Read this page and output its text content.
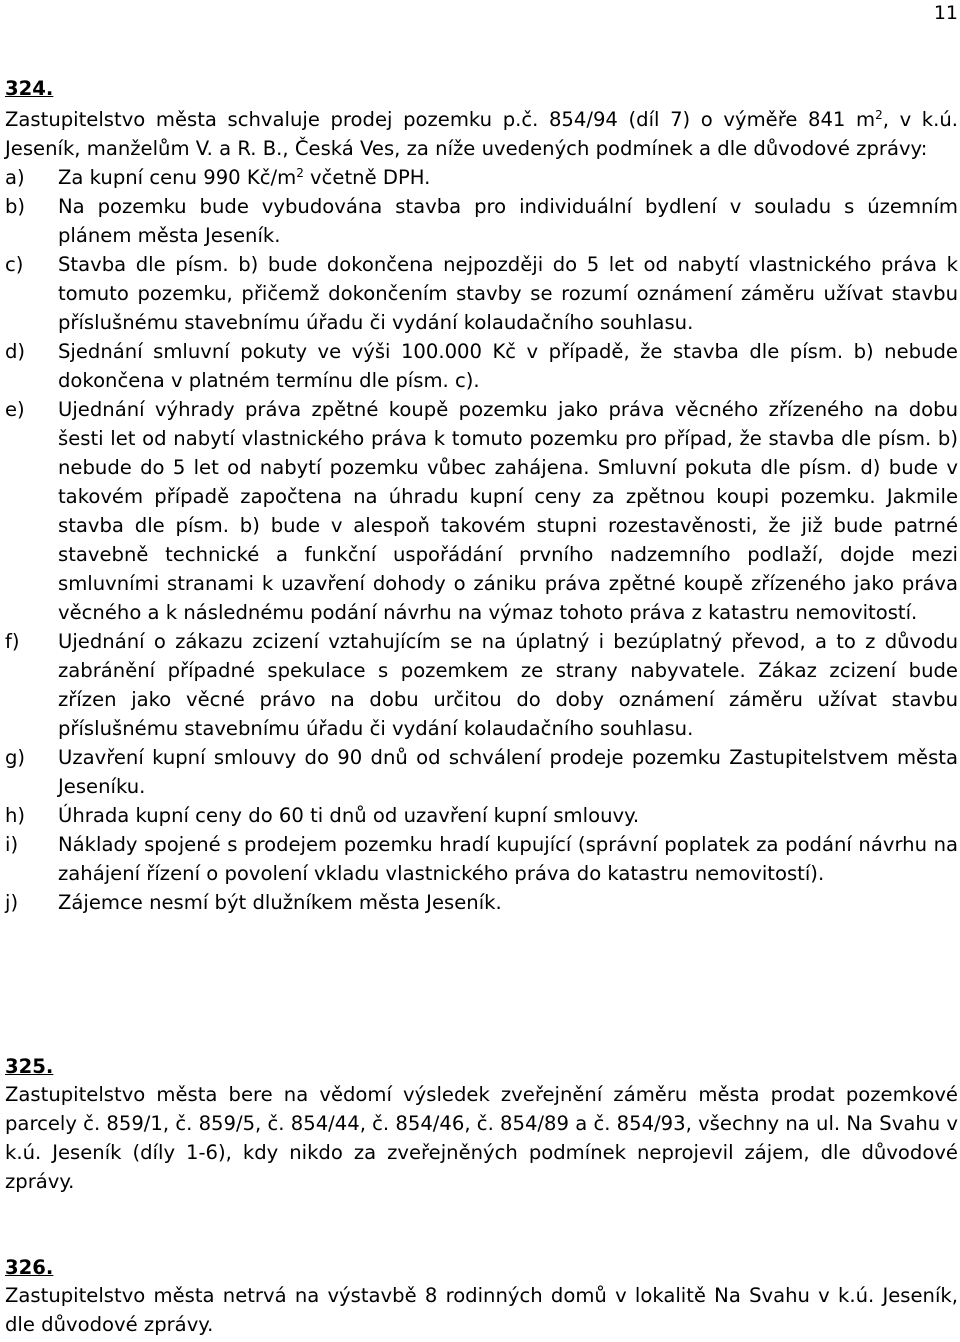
11
324.

Zastupitelstvo města schvaluje prodej pozemku p.č. 854/94 (díl 7) o výměře 841 $m^2$, v k.ú. Jeseník, manželům V. a R. B., Česká Ves, za níže uvedených podmínek a dle důvodové zprávy:

a)	Za kupní cenu 990 $Kč/m^2$ včetně DPH.
b)	Na pozemku bude vybudována stavba pro individuální bydlení v souladu s územním plánem města Jeseník.
c)	Stavba dle písm. b) bude dokončena nejpozději do 5 let od nabytí vlastnického práva k tomuto pozemku, přičemž dokončením stavby se rozumí oznámení záměru užívat stavbu příslušnému stavebnímu úřadu či vydání kolaudačního souhlasu.
d)	Sjednání smluvní pokuty ve výši 100.000 Kč v případě, že stavba dle písm. b) nebude dokončena v platném termínu dle písm. c).
e)	Ujednání výhrady práva zpětné koupě pozemku jako práva věcného zřízeného na dobu šesti let od nabytí vlastnického práva k tomuto pozemku pro případ, že stavba dle písm. b) nebude do 5 let od nabytí pozemku vůbec zahájena. Smluvní pokuta dle písm. d) bude v takovém případě započtena na úhradu kupní ceny za zpětnou koupi pozemku. Jakmile stavba dle písm. b) bude v alespoň takovém stupni rozestavěnosti, že již bude patrné stavebně technické a funkční uspořádání prvního nadzemního podlaží, dojde mezi smluvními stranami k uzavření dohody o zániku práva zpětné koupě zřízeného jako práva věcného a k následnému podání návrhu na výmaz tohoto práva z katastru nemovitostí.
f)	Ujednání o zákazu zcizení vztahujícím se na úplatný i bezúplatný převod, a to z důvodu zabránění případné spekulace s pozemkem ze strany nabyvatele. Zákaz zcizení bude zřízen jako věcné právo na dobu určitou do doby oznámení záměru užívat stavbu příslušnému stavebnímu úřadu či vydání kolaudačního souhlasu.
g)	Uzavření kupní smlouvy do 90 dnů od schválení prodeje pozemku Zastupitelstvem města Jeseníku.
h)	Úhrada kupní ceny do 60 ti dnů od uzavření kupní smlouvy.
i)	Náklady spojené s prodejem pozemku hradí kupující (správní poplatek za podání návrhu na zahájení řízení o povolení vkladu vlastnického práva do katastru nemovitostí).
j)	Zájemce nesmí být dlužníkem města Jeseník.
325.

Zastupitelstvo města bere na vědomí výsledek zveřejnění záměru města prodat pozemkové parcely č. 859/1, č. 859/5, č. 854/44, č. 854/46, č. 854/89 a č. 854/93, všechny na ul. Na Svahu v k.ú. Jeseník (díly 1-6), kdy nikdo za zveřejněných podmínek neprojevil zájem, dle důvodové zprávy.

326.

Zastupitelstvo města netrvá na výstavbě 8 rodinných domů v lokalitě Na Svahu v k.ú. Jeseník, dle důvodové zprávy.
